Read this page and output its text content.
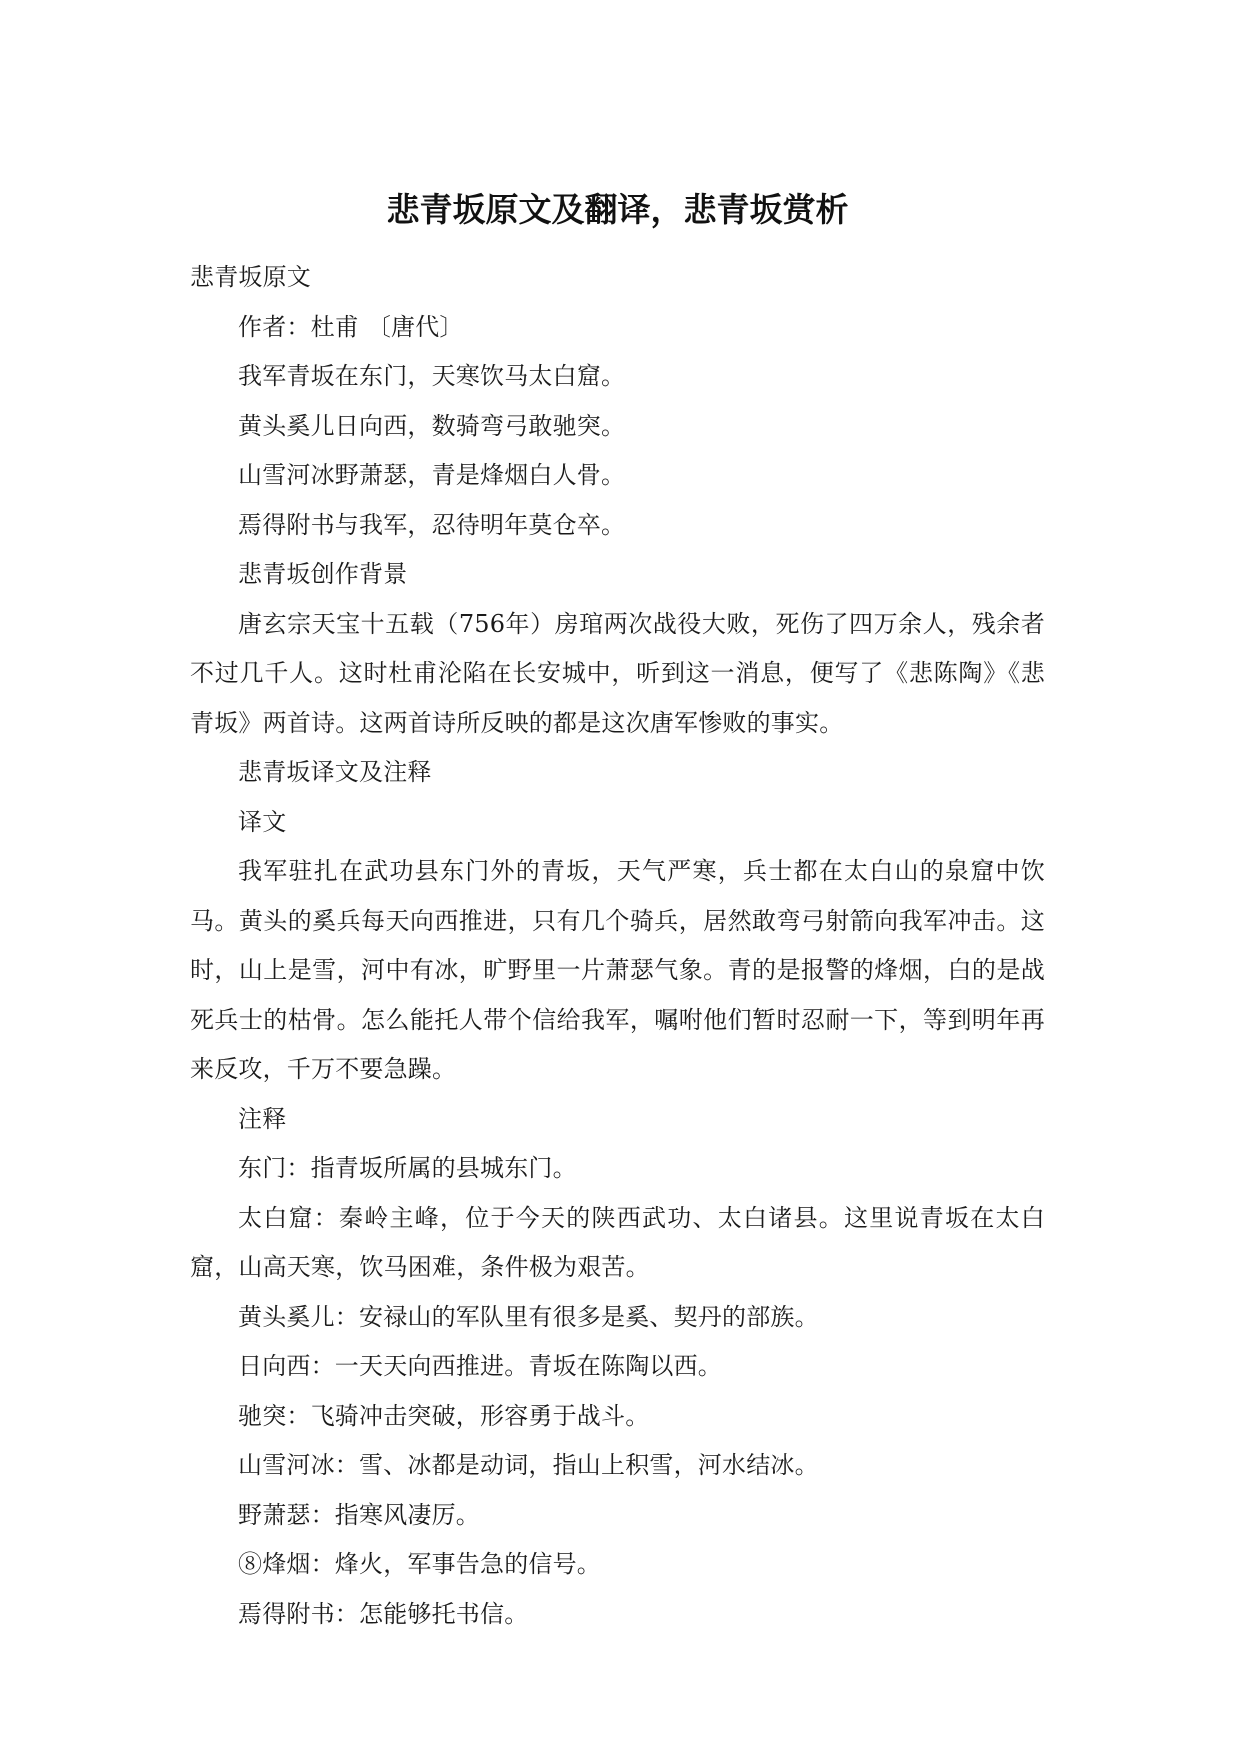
悲青坂原文及翻译，悲青坂赏析

悲青坂原文

作者：杜甫 〔唐代〕

我军青坂在东门，天寒饮马太白窟。

黄头奚儿日向西，数骑弯弓敢驰突。

山雪河冰野萧瑟，青是烽烟白人骨。

焉得附书与我军，忍待明年莫仓卒。

悲青坂创作背景

唐玄宗天宝十五载（756年）房琯两次战役大败，死伤了四万余人，残余者不过几千人。这时杜甫沦陷在长安城中，听到这一消息，便写了《悲陈陶》《悲青坂》两首诗。这两首诗所反映的都是这次唐军惨败的事实。

悲青坂译文及注释

译文

我军驻扎在武功县东门外的青坂，天气严寒，兵士都在太白山的泉窟中饮马。黄头的奚兵每天向西推进，只有几个骑兵，居然敢弯弓射箭向我军冲击。这时，山上是雪，河中有冰，旷野里一片萧瑟气象。青的是报警的烽烟，白的是战死兵士的枯骨。怎么能托人带个信给我军，嘱咐他们暂时忍耐一下，等到明年再来反攻，千万不要急躁。

注释

东门：指青坂所属的县城东门。

太白窟：秦岭主峰，位于今天的陕西武功、太白诸县。这里说青坂在太白窟，山高天寒，饮马困难，条件极为艰苦。

黄头奚儿：安禄山的军队里有很多是奚、契丹的部族。

日向西：一天天向西推进。青坂在陈陶以西。

驰突：飞骑冲击突破，形容勇于战斗。

山雪河冰：雪、冰都是动词，指山上积雪，河水结冰。

野萧瑟：指寒风凄厉。

⑧烽烟：烽火，军事告急的信号。

焉得附书：怎能够托书信。
